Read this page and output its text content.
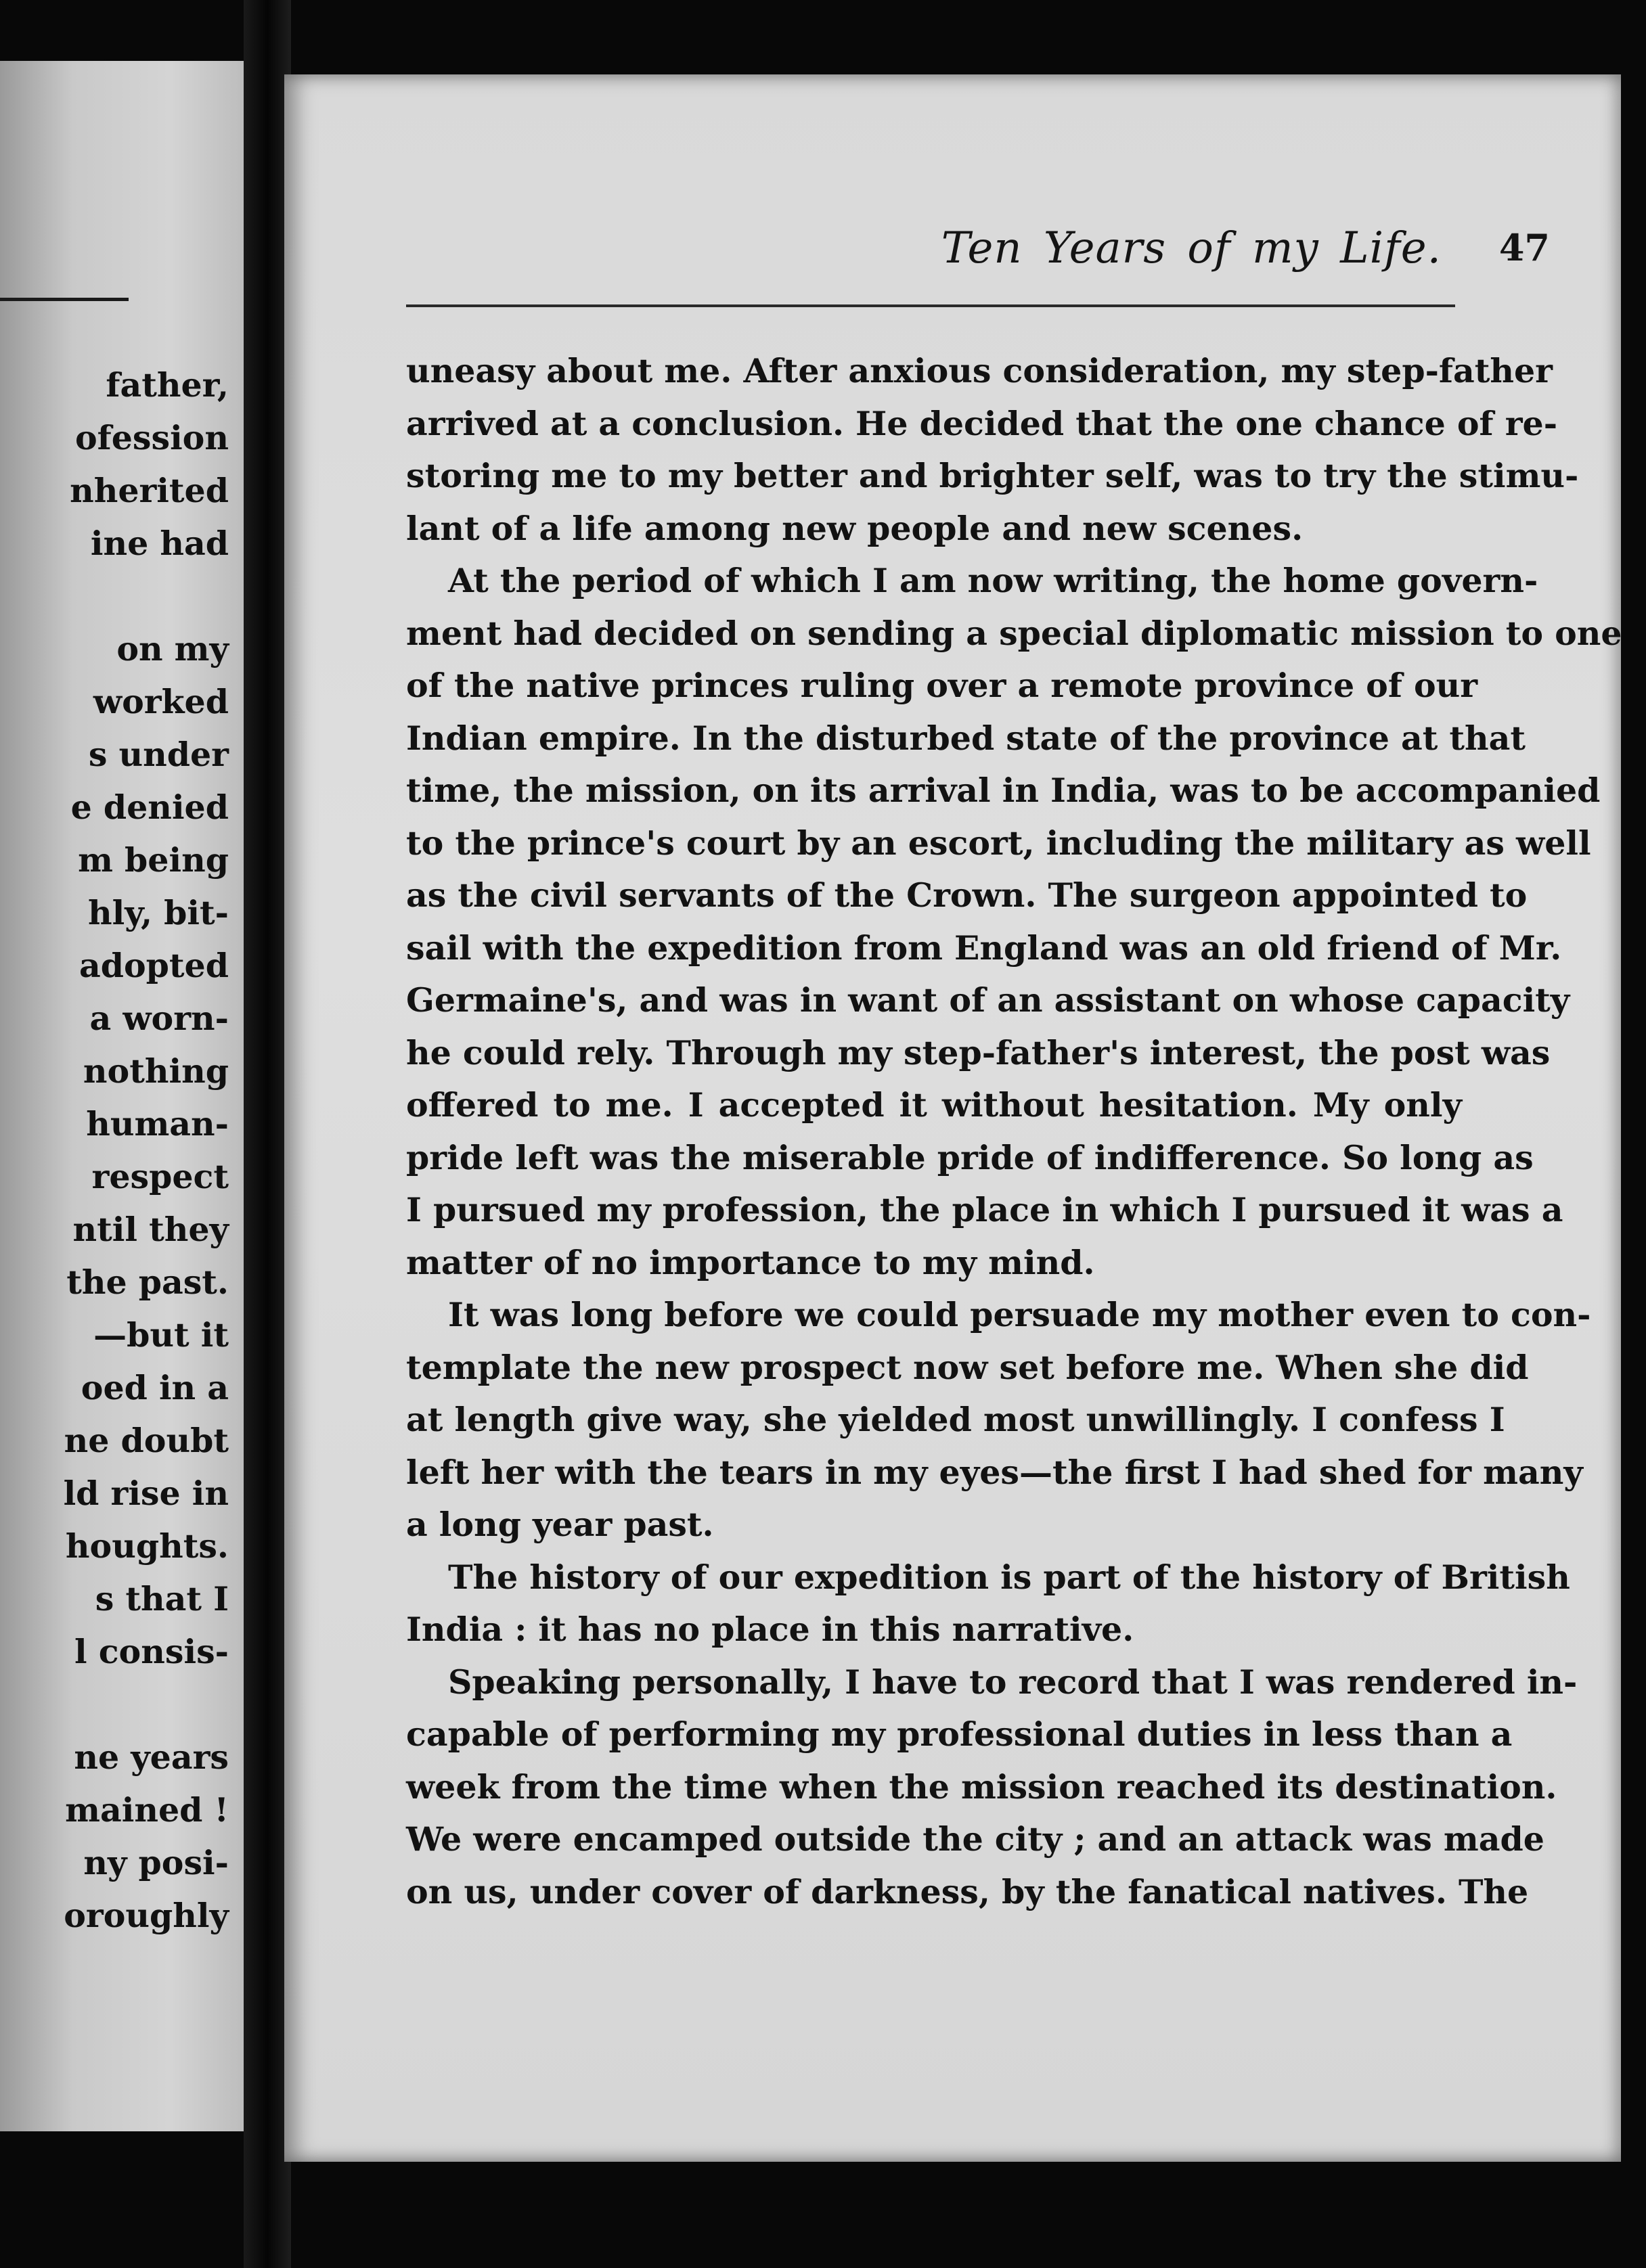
father,
ofession
nherited
ine had
on my
worked
s under
e denied
m being
hly, bit-
adopted
a worn-
nothing
human-
respect
ntil they
the past.
—but it
oed in a
ne doubt
ld rise in
houghts.
s that I
l consis-
ne years
mained !
ny posi-
oroughly
Ten Years of my Life. 47
uneasy about me. After anxious consideration, my step-father
arrived at a conclusion. He decided that the one chance of re-
storing me to my better and brighter self, was to try the stimu-
lant of a life among new people and new scenes.
At the period of which I am now writing, the home govern-
ment had decided on sending a special diplomatic mission to one
of the native princes ruling over a remote province of our
Indian empire. In the disturbed state of the province at that
time, the mission, on its arrival in India, was to be accompanied
to the prince's court by an escort, including the military as well
as the civil servants of the Crown. The surgeon appointed to
sail with the expedition from England was an old friend of Mr.
Germaine's, and was in want of an assistant on whose capacity
he could rely. Through my step-father's interest, the post was
offered to me. I accepted it without hesitation. My only
pride left was the miserable pride of indifference. So long as
I pursued my profession, the place in which I pursued it was a
matter of no importance to my mind.
It was long before we could persuade my mother even to con-
template the new prospect now set before me. When she did
at length give way, she yielded most unwillingly. I confess I
left her with the tears in my eyes—the first I had shed for many
a long year past.
The history of our expedition is part of the history of British
India : it has no place in this narrative.
Speaking personally, I have to record that I was rendered in-
capable of performing my professional duties in less than a
week from the time when the mission reached its destination.
We were encamped outside the city ; and an attack was made
on us, under cover of darkness, by the fanatical natives. The
